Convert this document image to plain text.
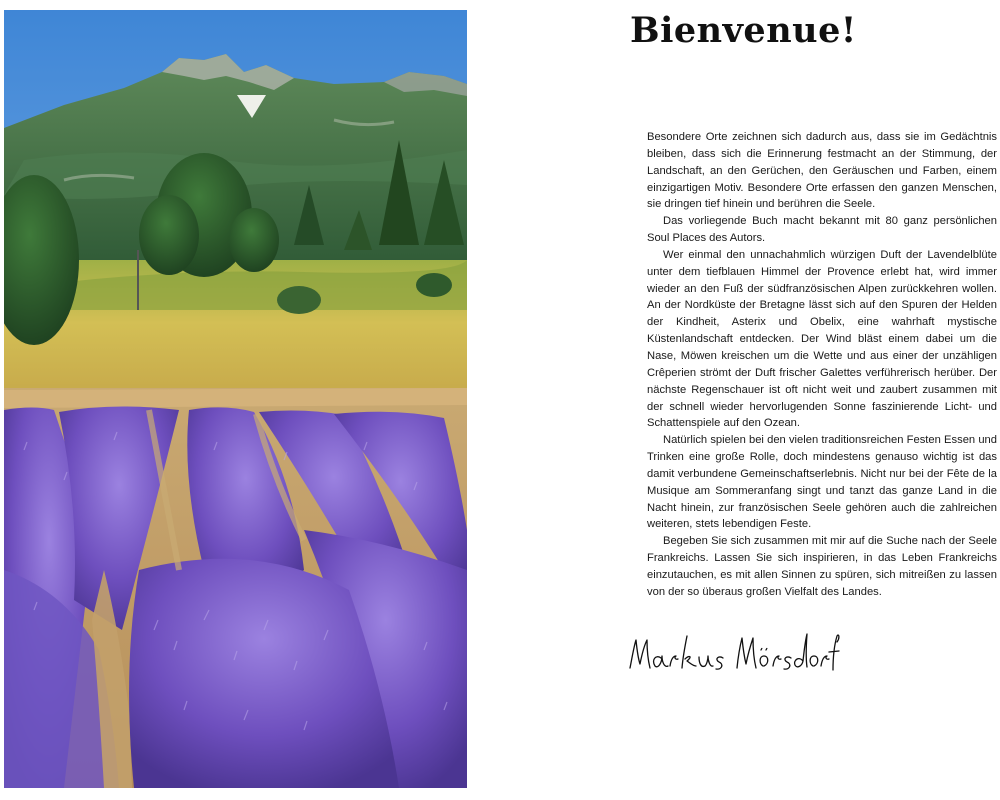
Bienvenue!

Besondere Orte zeichnen sich dadurch aus, dass sie im Gedächtnis bleiben, dass sich die Erinnerung festmacht an der Stimmung, der Landschaft, an den Gerüchen, den Geräuschen und Farben, einem einzigartigen Motiv. Besondere Orte erfassen den ganzen Menschen, sie dringen tief hinein und berühren die Seele.

Das vorliegende Buch macht bekannt mit 80 ganz persönlichen Soul Places des Autors.

Wer einmal den unnachahmlich würzigen Duft der Lavendelblüte unter dem tiefblauen Himmel der Provence erlebt hat, wird immer wieder an den Fuß der südfranzösischen Alpen zurückkehren wollen. An der Nordküste der Bretagne lässt sich auf den Spuren der Helden der Kindheit, Asterix und Obelix, eine wahrhaft mystische Küstenlandschaft entdecken. Der Wind bläst einem dabei um die Nase, Möwen kreischen um die Wette und aus einer der unzähligen Crêperien strömt der Duft frischer Galettes verführerisch herüber. Der nächste Regenschauer ist oft nicht weit und zaubert zusammen mit der schnell wieder hervorlugenden Sonne faszinierende Licht- und Schattenspiele auf den Ozean.

Natürlich spielen bei den vielen traditionsreichen Festen Essen und Trinken eine große Rolle, doch mindestens genauso wichtig ist das damit verbundene Gemeinschaftserlebnis. Nicht nur bei der Fête de la Musique am Sommeranfang singt und tanzt das ganze Land in die Nacht hinein, zur französischen Seele gehören auch die zahlreichen weiteren, stets lebendigen Feste.

Begeben Sie sich zusammen mit mir auf die Suche nach der Seele Frankreichs. Lassen Sie sich inspirieren, in das Leben Frankreichs einzutauchen, es mit allen Sinnen zu spüren, sich mitreißen zu lassen von der so überaus großen Vielfalt des Landes.
